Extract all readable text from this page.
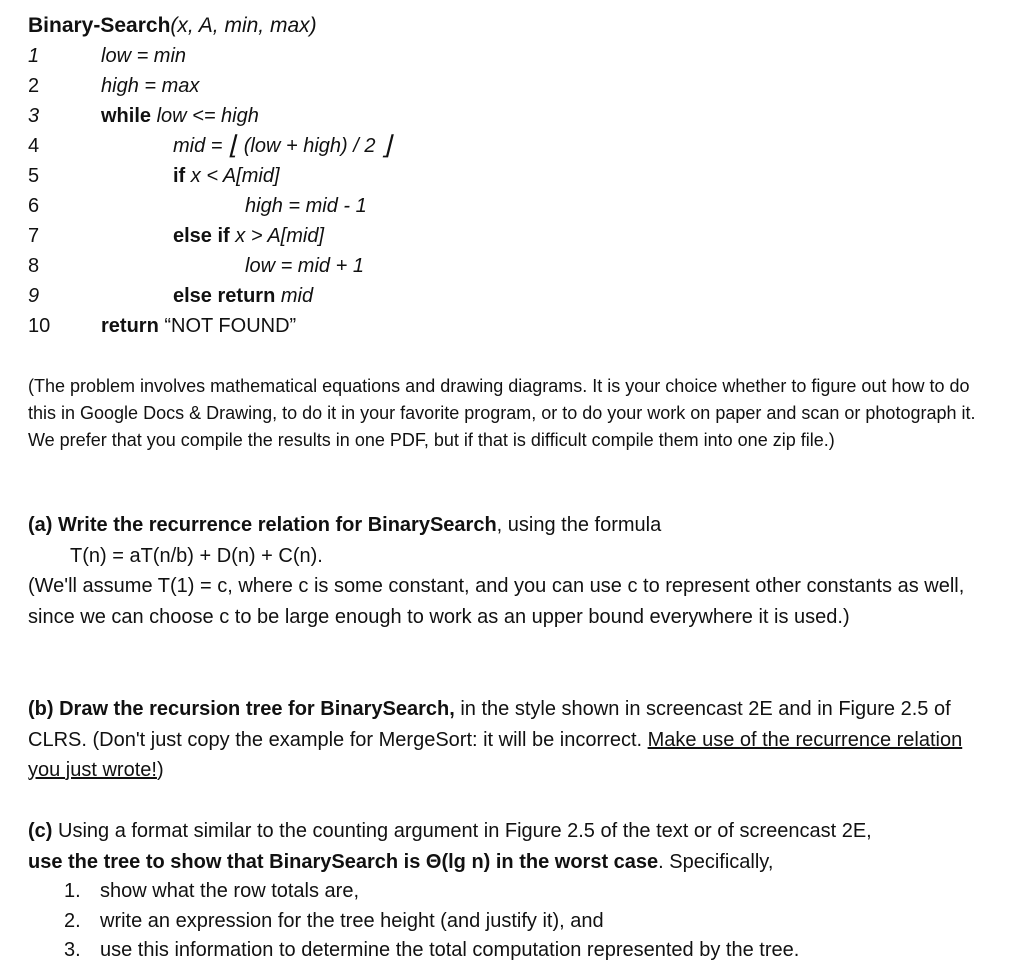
Binary-Search(x, A, min, max)
1	low = min
2	high = max
3	while low <= high
4	mid = ⌊ (low + high) / 2 ⌋
5	if x < A[mid]
6	high = mid - 1
7	else if x > A[mid]
8	low = mid + 1
9	else return mid
10	return “NOT FOUND”
(The problem involves mathematical equations and drawing diagrams. It is your choice whether to figure out how to do this in Google Docs & Drawing, to do it in your favorite program, or to do your work on paper and scan or photograph it. We prefer that you compile the results in one PDF, but if that is difficult compile them into one zip file.)
(a) Write the recurrence relation for BinarySearch, using the formula
T(n) = aT(n/b) + D(n) + C(n).
(We'll assume T(1) = c, where c is some constant, and you can use c to represent other constants as well, since we can choose c to be large enough to work as an upper bound everywhere it is used.)
(b) Draw the recursion tree for BinarySearch, in the style shown in screencast 2E and in Figure 2.5 of CLRS. (Don't just copy the example for MergeSort: it will be incorrect. Make use of the recurrence relation you just wrote!)
(c) Using a format similar to the counting argument in Figure 2.5 of the text or of screencast 2E,
use the tree to show that BinarySearch is Θ(lg n) in the worst case. Specifically,
1. show what the row totals are,
2. write an expression for the tree height (and justify it), and
3. use this information to determine the total computation represented by the tree.
